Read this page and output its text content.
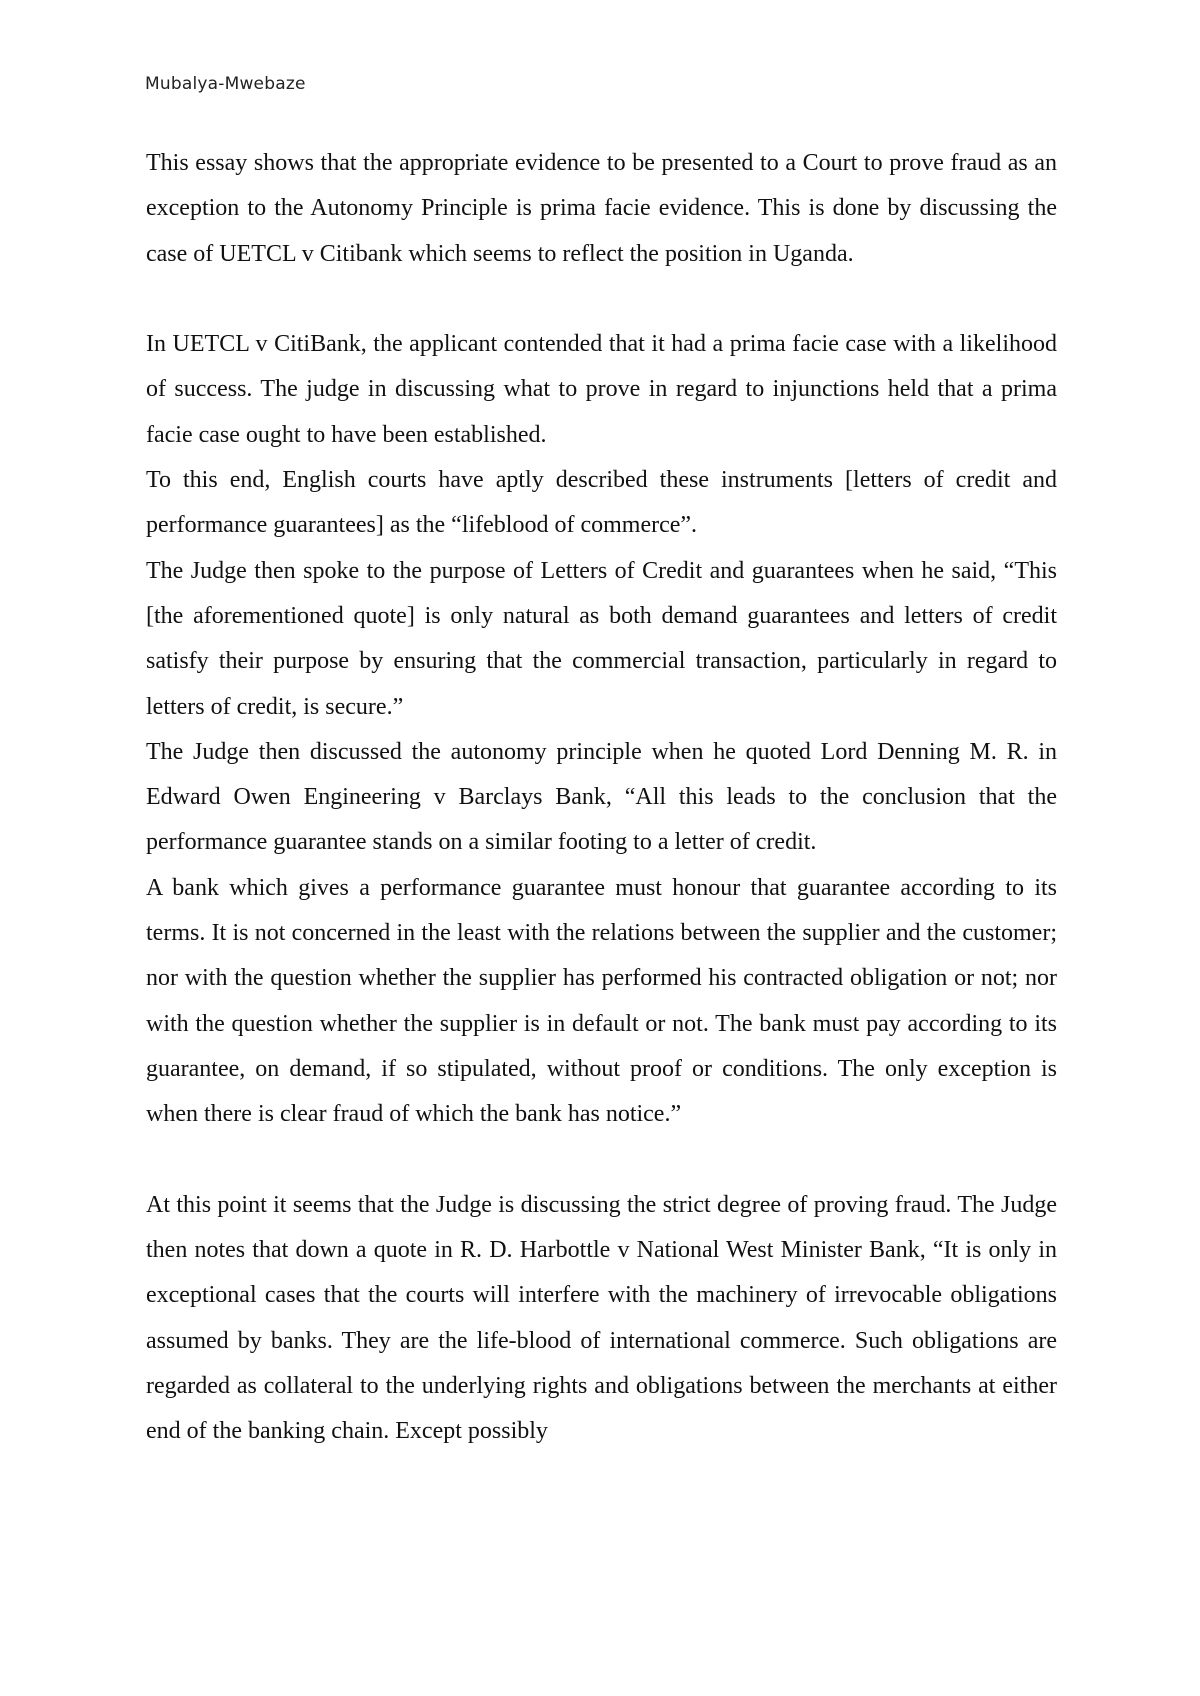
Mubalya-Mwebaze

This essay shows that the appropriate evidence to be presented to a Court to prove fraud as an exception to the Autonomy Principle is prima facie evidence. This is done by discussing the case of UETCL v Citibank which seems to reflect the position in Uganda.

In UETCL v CitiBank, the applicant contended that it had a prima facie case with a likelihood of success. The judge in discussing what to prove in regard to injunctions held that a prima facie case ought to have been established.

To this end, English courts have aptly described these instruments [letters of credit and performance guarantees] as the “lifeblood of commerce”.

The Judge then spoke to the purpose of Letters of Credit and guarantees when he said, “This [the aforementioned quote] is only natural as both demand guarantees and letters of credit satisfy their purpose by ensuring that the commercial transaction, particularly in regard to letters of credit, is secure.”

The Judge then discussed the autonomy principle when he quoted Lord Denning M. R. in Edward Owen Engineering v Barclays Bank, “All this leads to the conclusion that the performance guarantee stands on a similar footing to a letter of credit.

A bank which gives a performance guarantee must honour that guarantee according to its terms. It is not concerned in the least with the relations between the supplier and the customer; nor with the question whether the supplier has performed his contracted obligation or not; nor with the question whether the supplier is in default or not. The bank must pay according to its guarantee, on demand, if so stipulated, without proof or conditions. The only exception is when there is clear fraud of which the bank has notice.”

At this point it seems that the Judge is discussing the strict degree of proving fraud. The Judge then notes that down a quote in R. D. Harbottle v National West Minister Bank, “It is only in exceptional cases that the courts will interfere with the machinery of irrevocable obligations assumed by banks. They are the life-blood of international commerce. Such obligations are regarded as collateral to the underlying rights and obligations between the merchants at either end of the banking chain. Except possibly
